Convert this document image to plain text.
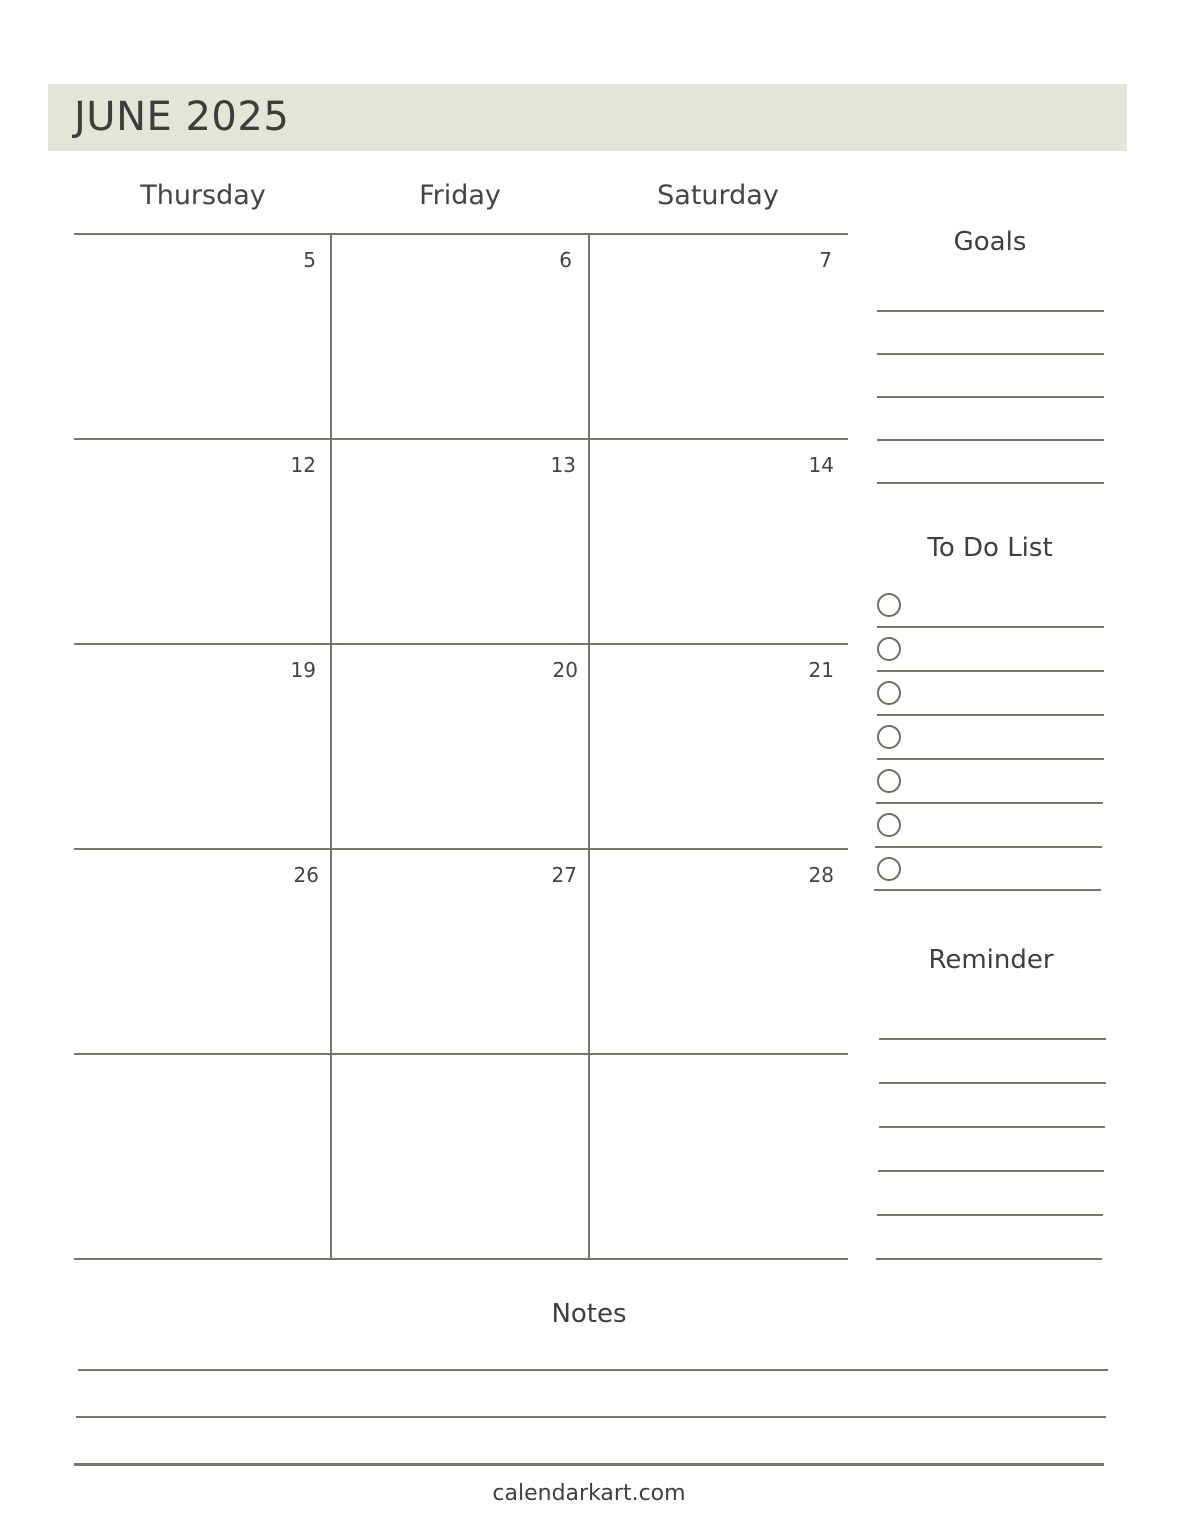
JUNE 2025
Thursday	Friday	Saturday
5	6	7
12	13	14
19	20	21
26	27	28
Goals
To Do List
Reminder
Notes
calendarkart.com
